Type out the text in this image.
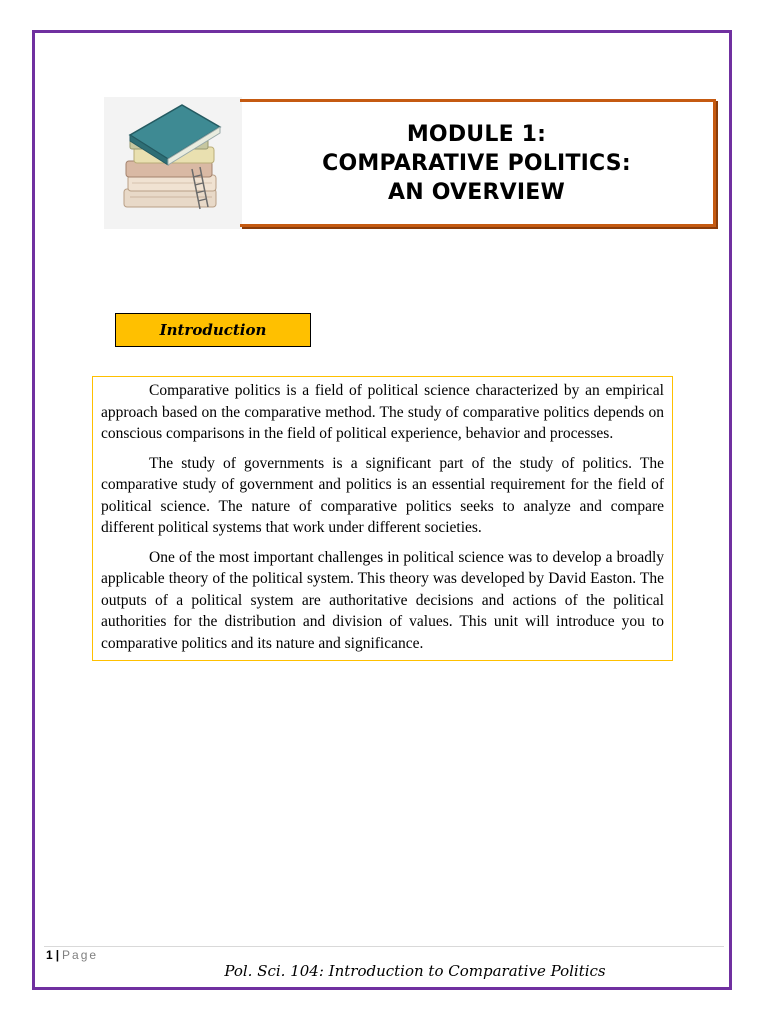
MODULE 1:
COMPARATIVE POLITICS:
AN OVERVIEW
Introduction

Comparative politics is a field of political science characterized by an empirical approach based on the comparative method. The study of comparative politics depends on conscious comparisons in the field of political experience, behavior and processes.

The study of governments is a significant part of the study of politics. The comparative study of government and politics is an essential requirement for the field of political science. The nature of comparative politics seeks to analyze and compare different political systems that work under different societies.

One of the most important challenges in political science was to develop a broadly applicable theory of the political system. This theory was developed by David Easton. The outputs of a political system are authoritative decisions and actions of the political authorities for the distribution and division of values. This unit will introduce you to comparative politics and its nature and significance.

1 | Page
Pol. Sci. 104: Introduction to Comparative Politics
